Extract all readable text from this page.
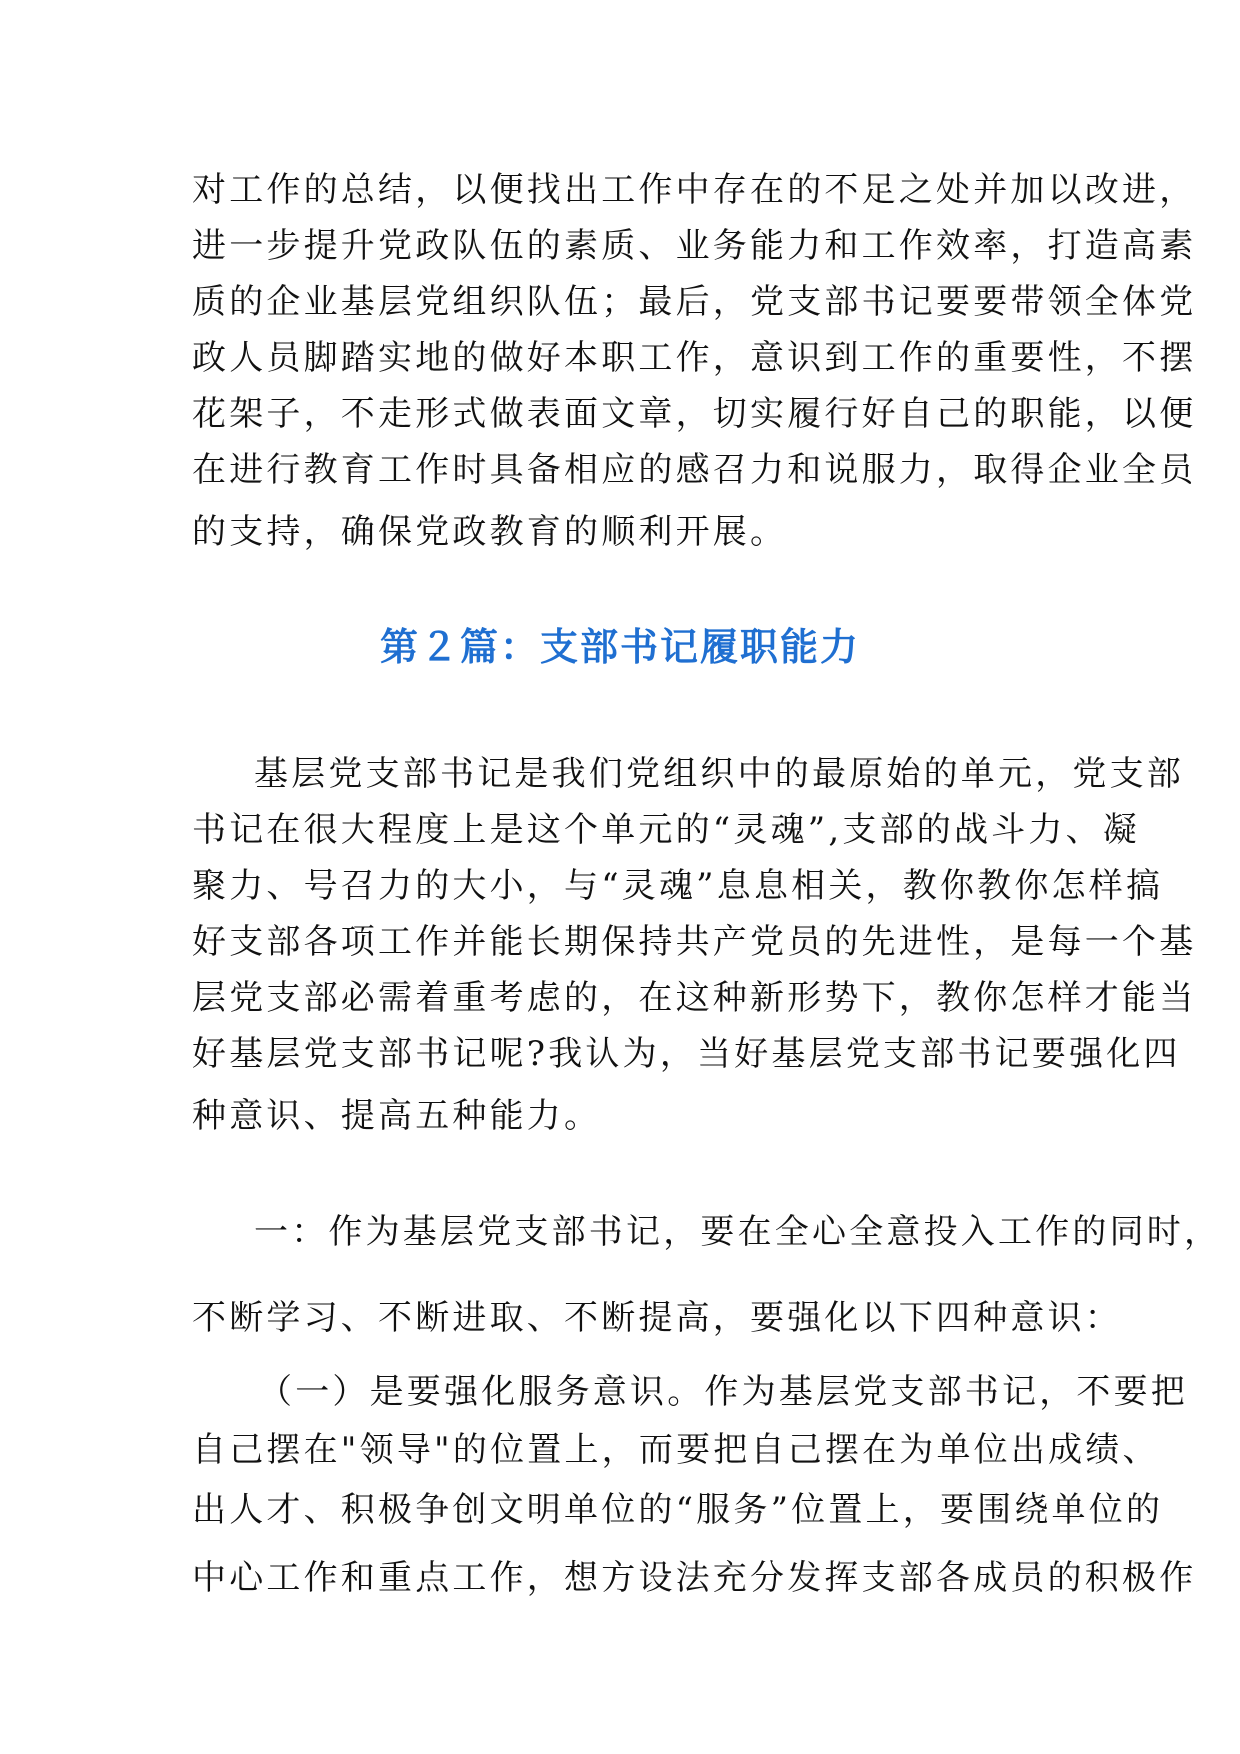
对工作的总结，以便找出工作中存在的不足之处并加以改进，
进一步提升党政队伍的素质、业务能力和工作效率，打造高素
质的企业基层党组织队伍；最后，党支部书记要要带领全体党
政人员脚踏实地的做好本职工作，意识到工作的重要性，不摆
花架子，不走形式做表面文章，切实履行好自己的职能，以便
在进行教育工作时具备相应的感召力和说服力，取得企业全员
的支持，确保党政教育的顺利开展。
第２篇：支部书记履职能力
基层党支部书记是我们党组织中的最原始的单元，党支部
书记在很大程度上是这个单元的“灵魂”,支部的战斗力、凝
聚力、号召力的大小，与“灵魂”息息相关，教你教你怎样搞
好支部各项工作并能长期保持共产党员的先进性，是每一个基
层党支部必需着重考虑的，在这种新形势下，教你怎样才能当
好基层党支部书记呢?我认为，当好基层党支部书记要强化四
种意识、提高五种能力。
一：作为基层党支部书记，要在全心全意投入工作的同时，
不断学习、不断进取、不断提高，要强化以下四种意识：
（一）是要强化服务意识。作为基层党支部书记，不要把
自己摆在"领导"的位置上，而要把自己摆在为单位出成绩、
出人才、积极争创文明单位的“服务”位置上，要围绕单位的
中心工作和重点工作，想方设法充分发挥支部各成员的积极作
